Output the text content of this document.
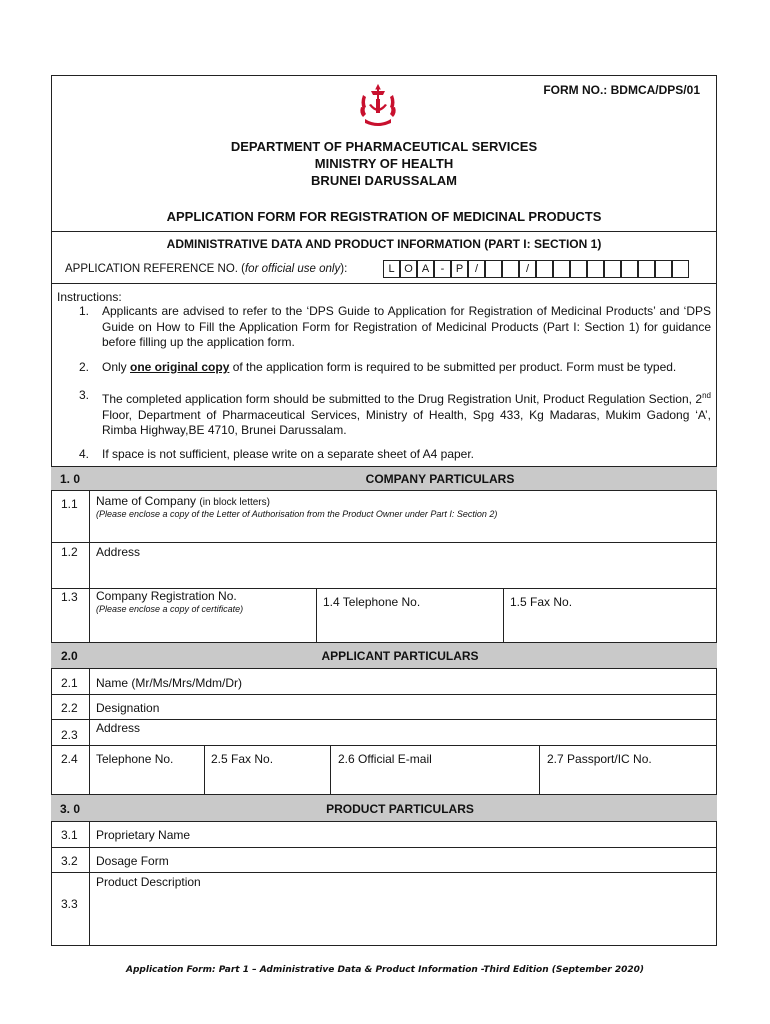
FORM NO.: BDMCA/DPS/01
DEPARTMENT OF PHARMACEUTICAL SERVICES
MINISTRY OF HEALTH
BRUNEI DARUSSALAM
APPLICATION FORM FOR REGISTRATION OF MEDICINAL PRODUCTS
ADMINISTRATIVE DATA AND PRODUCT INFORMATION (PART I: SECTION 1)
APPLICATION REFERENCE NO. (for official use only):	L O A	-	P	/	/
Instructions:
1. Applicants are advised to refer to the ‘DPS Guide to Application for Registration of Medicinal Products’ and ‘DPS Guide on How to Fill the Application Form for Registration of Medicinal Products (Part I: Section 1) for guidance before filling up the application form.
2. Only one original copy of the application form is required to be submitted per product. Form must be typed.
3. The completed application form should be submitted to the Drug Registration Unit, Product Regulation Section, 2nd Floor, Department of Pharmaceutical Services, Ministry of Health, Spg 433, Kg Madaras, Mukim Gadong ‘A’, Rimba Highway,BE 4710, Brunei Darussalam.
4. If space is not sufficient, please write on a separate sheet of A4 paper.
1. 0	COMPANY PARTICULARS
1.1 Name of Company (in block letters)
(Please enclose a copy of the Letter of Authorisation from the Product Owner under Part I: Section 2)
1.2 Address
1.3 Company Registration No.
(Please enclose a copy of certificate)	1.4 Telephone No.	1.5 Fax No.
2.0	APPLICANT PARTICULARS
2.1 Name (Mr/Ms/Mrs/Mdm/Dr)
2.2 Designation
2.3 Address
2.4 Telephone No.	2.5 Fax No.	2.6 Official E-mail	2.7 Passport/IC No.
3. 0	PRODUCT PARTICULARS
3.1 Proprietary Name
3.2 Dosage Form
3.3
Product Description
Application Form: Part 1 – Administrative Data & Product Information -Third Edition (September 2020)
